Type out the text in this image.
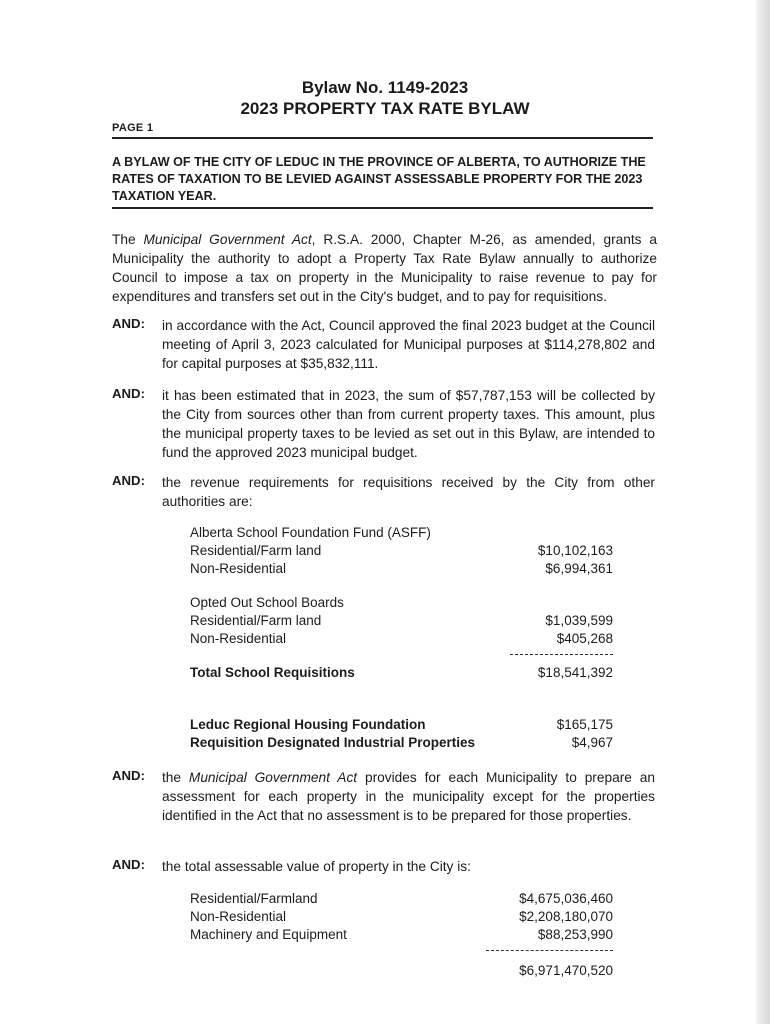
Bylaw No. 1149-2023
2023 PROPERTY TAX RATE BYLAW
PAGE 1
A BYLAW OF THE CITY OF LEDUC IN THE PROVINCE OF ALBERTA, TO AUTHORIZE THE RATES OF TAXATION TO BE LEVIED AGAINST ASSESSABLE PROPERTY FOR THE 2023 TAXATION YEAR.
The Municipal Government Act, R.S.A. 2000, Chapter M-26, as amended, grants a Municipality the authority to adopt a Property Tax Rate Bylaw annually to authorize Council to impose a tax on property in the Municipality to raise revenue to pay for expenditures and transfers set out in the City's budget, and to pay for requisitions.
AND: in accordance with the Act, Council approved the final 2023 budget at the Council meeting of April 3, 2023 calculated for Municipal purposes at $114,278,802 and for capital purposes at $35,832,111.
AND: it has been estimated that in 2023, the sum of $57,787,153 will be collected by the City from sources other than from current property taxes. This amount, plus the municipal property taxes to be levied as set out in this Bylaw, are intended to fund the approved 2023 municipal budget.
AND: the revenue requirements for requisitions received by the City from other authorities are:
Alberta School Foundation Fund (ASFF)
Residential/Farm land	$10,102,163
Non-Residential	$6,994,361
Opted Out School Boards
Residential/Farm land	$1,039,599
Non-Residential	$405,268
Total School Requisitions	$18,541,392
Leduc Regional Housing Foundation	$165,175
Requisition Designated Industrial Properties	$4,967
AND: the Municipal Government Act provides for each Municipality to prepare an assessment for each property in the municipality except for the properties identified in the Act that no assessment is to be prepared for those properties.
AND: the total assessable value of property in the City is:
Residential/Farmland	$4,675,036,460
Non-Residential	$2,208,180,070
Machinery and Equipment	$88,253,990
$6,971,470,520
